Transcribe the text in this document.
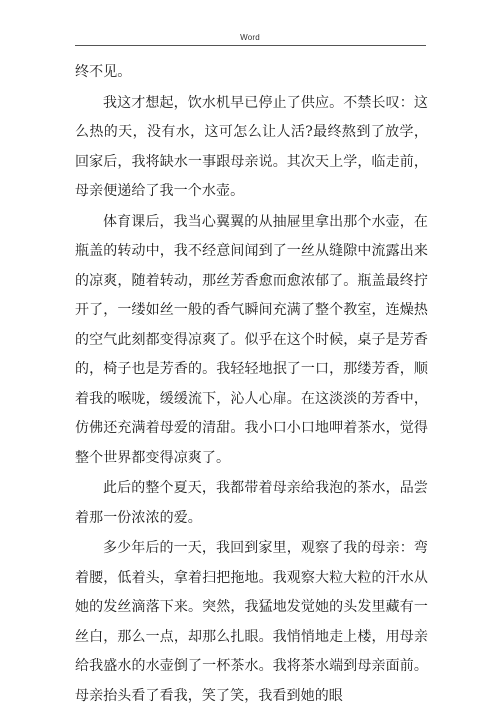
Word

终不见。

我这才想起，饮水机早已停止了供应。不禁长叹：这么热的天，没有水，这可怎么让人活?最终熬到了放学，回家后，我将缺水一事跟母亲说。其次天上学，临走前，母亲便递给了我一个水壶。

体育课后，我当心翼翼的从抽屉里拿出那个水壶，在瓶盖的转动中，我不经意间闻到了一丝从缝隙中流露出来的凉爽，随着转动，那丝芳香愈而愈浓郁了。瓶盖最终拧开了，一缕如丝一般的香气瞬间充满了整个教室，连燥热的空气此刻都变得凉爽了。似乎在这个时候，桌子是芳香的，椅子也是芳香的。我轻轻地抿了一口，那缕芳香，顺着我的喉咙，缓缓流下，沁人心扉。在这淡淡的芳香中，仿佛还充满着母爱的清甜。我小口小口地呷着茶水，觉得整个世界都变得凉爽了。

此后的整个夏天，我都带着母亲给我泡的茶水，品尝着那一份浓浓的爱。

多少年后的一天，我回到家里，观察了我的母亲：弯着腰，低着头，拿着扫把拖地。我观察大粒大粒的汗水从她的发丝滴落下来。突然，我猛地发觉她的头发里藏有一丝白，那么一点，却那么扎眼。我悄悄地走上楼，用母亲给我盛水的水壶倒了一杯茶水。我将茶水端到母亲面前。母亲抬头看了看我，笑了笑，我看到她的眼
